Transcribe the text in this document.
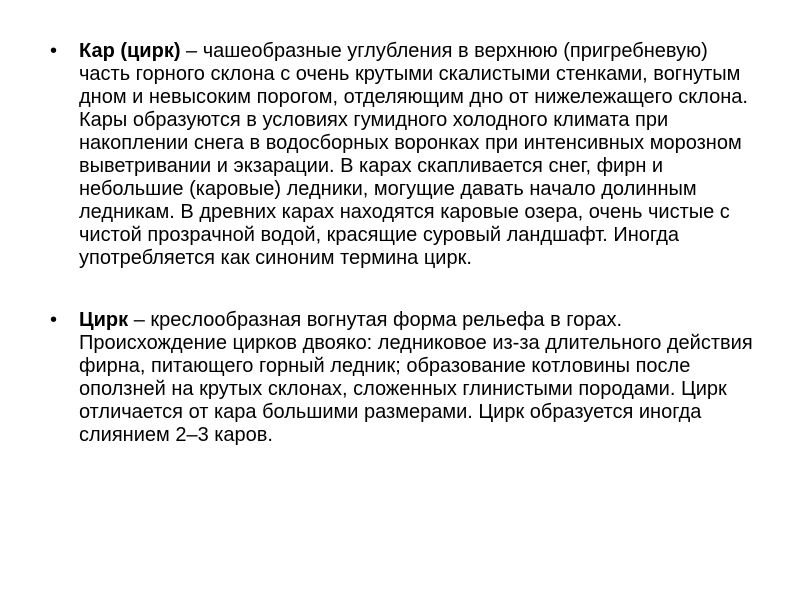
• Кар (цирк) – чашеобразные углубления в верхнюю (пригребневую) часть горного склона с очень крутыми скалистыми стенками, вогнутым дном и невысоким порогом, отделяющим дно от нижележащего склона. Кары образуются в условиях гумидного холодного климата при накоплении снега в водосборных воронках при интенсивных морозном выветривании и экзарации. В карах скапливается снег, фирн и небольшие (каровые) ледники, могущие давать начало долинным ледникам. В древних карах находятся каровые озера, очень чистые с чистой прозрачной водой, красящие суровый ландшафт. Иногда употребляется как синоним термина цирк.
• Цирк – креслообразная вогнутая форма рельефа в горах. Происхождение цирков двояко: ледниковое из-за длительного действия фирна, питающего горный ледник; образование котловины после оползней на крутых склонах, сложенных глинистыми породами. Цирк отличается от кара большими размерами. Цирк образуется иногда слиянием 2–3 каров.
